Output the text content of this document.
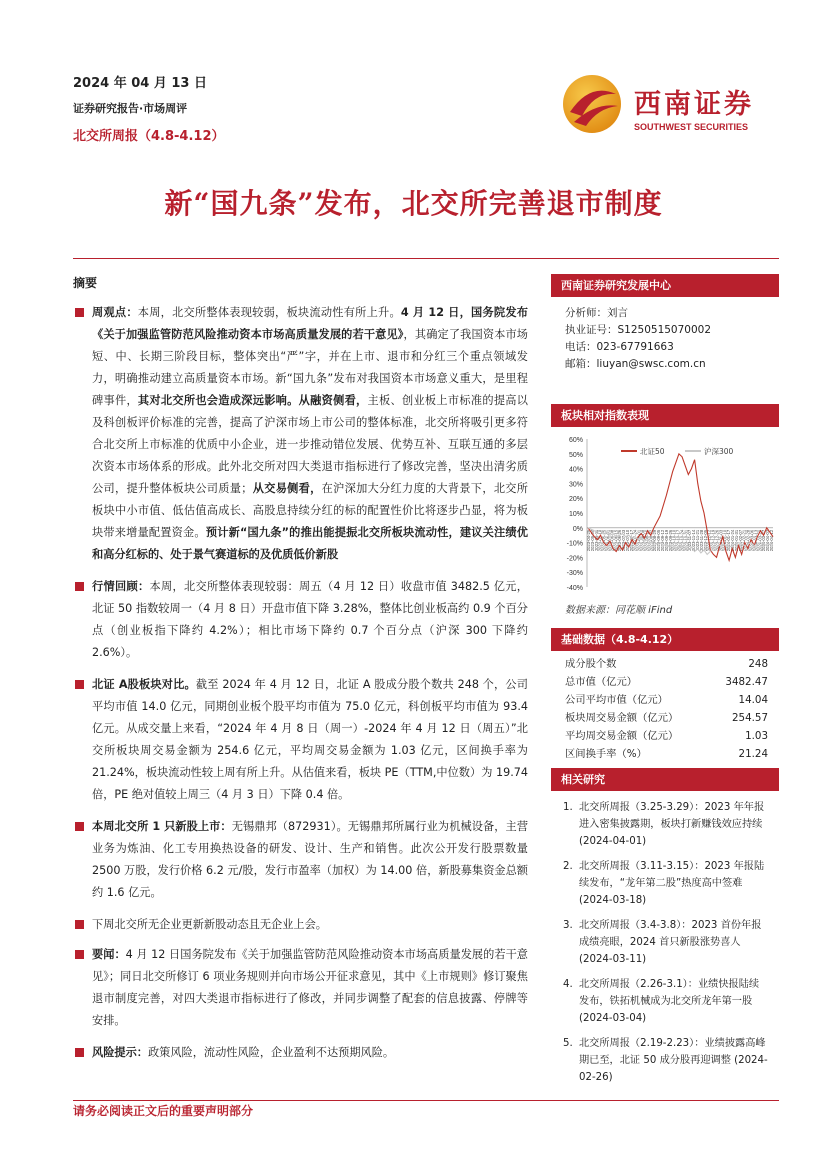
2024 年 04 月 13 日
证券研究报告·市场周评
北交所周报（4.8-4.12）
西南证券
SOUTHWEST SECURITIES
新“国九条”发布，北交所完善退市制度
摘要
周观点：本周，北交所整体表现较弱，板块流动性有所上升。4 月 12 日，国务院发布《关于加强监管防范风险推动资本市场高质量发展的若干意见》，其确定了我国资本市场短、中、长期三阶段目标，整体突出“严”字，并在上市、退市和分红三个重点领域发力，明确推动建立高质量资本市场。新“国九条”发布对我国资本市场意义重大，是里程碑事件，其对北交所也会造成深远影响。从融资侧看，主板、创业板上市标准的提高以及科创板评价标准的完善，提高了沪深市场上市公司的整体标准，北交所将吸引更多符合北交所上市标准的优质中小企业，进一步推动错位发展、优势互补、互联互通的多层次资本市场体系的形成。此外北交所对四大类退市指标进行了修改完善，坚决出清劣质公司，提升整体板块公司质量；从交易侧看，在沪深加大分红力度的大背景下，北交所板块中小市值、低估值高成长、高股息持续分红的标的配置性价比将逐步凸显，将为板块带来增量配置资金。预计新“国九条”的推出能提振北交所板块流动性，建议关注绩优和高分红标的、处于景气赛道标的及优质低价新股
行情回顾：本周，北交所整体表现较弱：周五（4 月 12 日）收盘市值 3482.5 亿元，北证 50 指数较周一（4 月 8 日）开盘市值下降 3.28%，整体比创业板高约 0.9 个百分点（创业板指下降约 4.2%）；相比市场下降约 0.7 个百分点（沪深 300 下降约 2.6%）。
北证 A股板块对比。截至 2024 年 4 月 12 日，北证 A 股成分股个数共 248 个，公司平均市值 14.0 亿元，同期创业板个股平均市值为 75.0 亿元，科创板平均市值为 93.4 亿元。从成交量上来看，“2024 年 4 月 8 日（周一）-2024 年 4 月 12 日（周五）”北交所板块周交易金额为 254.6 亿元，平均周交易金额为 1.03 亿元，区间换手率为 21.24%，板块流动性较上周有所上升。从估值来看，板块 PE（TTM,中位数）为 19.74 倍，PE 绝对值较上周三（4 月 3 日）下降 0.4 倍。
本周北交所 1 只新股上市：无锡鼎邦（872931）。无锡鼎邦所属行业为机械设备，主营业务为炼油、化工专用换热设备的研发、设计、生产和销售。此次公开发行股票数量 2500 万股，发行价格 6.2 元/股，发行市盈率（加权）为 14.00 倍，新股募集资金总额约 1.6 亿元。
下周北交所无企业更新新股动态且无企业上会。
要闻：4 月 12 日国务院发布《关于加强监管防范风险推动资本市场高质量发展的若干意见》；同日北交所修订 6 项业务规则并向市场公开征求意见，其中《上市规则》修订聚焦退市制度完善，对四大类退市指标进行了修改，并同步调整了配套的信息披露、停牌等安排。
风险提示：政策风险，流动性风险，企业盈利不达预期风险。
西南证券研究发展中心
分析师：刘言
执业证号：S1250515070002
电话：023-67791663
邮箱：liuyan@swsc.com.cn
板块相对指数表现
60%
50%
40%
30%
20%
10%
0%
-10%
-20%
-30%
-40%
2023-04-25
2023-05-04
2023-05-11
2023-05-18
2023-05-25
2023-06-01
2023-06-08
2023-06-15
2023-06-26
2023-07-03
2023-07-10
2023-07-17
2023-07-24
2023-08-01
2023-08-08
2023-08-15
2023-08-22
2023-08-29
2023-09-05
2023-09-12
2023-09-19
2023-09-26
2023-10-10
2023-10-17
2023-10-24
2023-10-31
2023-11-07
2023-11-14
2023-11-21
2023-11-28
2023-12-05
2023-12-12
2023-12-19
2023-12-26
2024-01-03
2024-01-10
2024-01-17
2024-01-24
2024-01-31
2024-02-07
2024-02-21
2024-02-28
2024-03-06
2024-03-13
2024-03-20
2024-03-27
2024-04-03
2024-04-12
北证50	沪深300
数据来源：同花顺 iFind
基础数据（4.8-4.12）
成分股个数	248
总市值（亿元）	3482.47
公司平均市值（亿元）	14.04
板块周交易金额（亿元）	254.57
平均周交易金额（亿元）	1.03
区间换手率（%）	21.24
相关研究
1. 北交所周报（3.25-3.29）：2023 年年报进入密集披露期，板块打新赚钱效应持续 (2024-04-01)
2. 北交所周报（3.11-3.15）：2023 年报陆续发布，“龙年第二股”热度高中签难 (2024-03-18)
3. 北交所周报（3.4-3.8）：2023 首份年报成绩亮眼，2024 首只新股涨势喜人 (2024-03-11)
4. 北交所周报（2.26-3.1）：业绩快报陆续发布，铁拓机械成为北交所龙年第一股 (2024-03-04)
5. 北交所周报（2.19-2.23）：业绩披露高峰期已至，北证 50 成分股再迎调整 (2024-02-26)
请务必阅读正文后的重要声明部分
